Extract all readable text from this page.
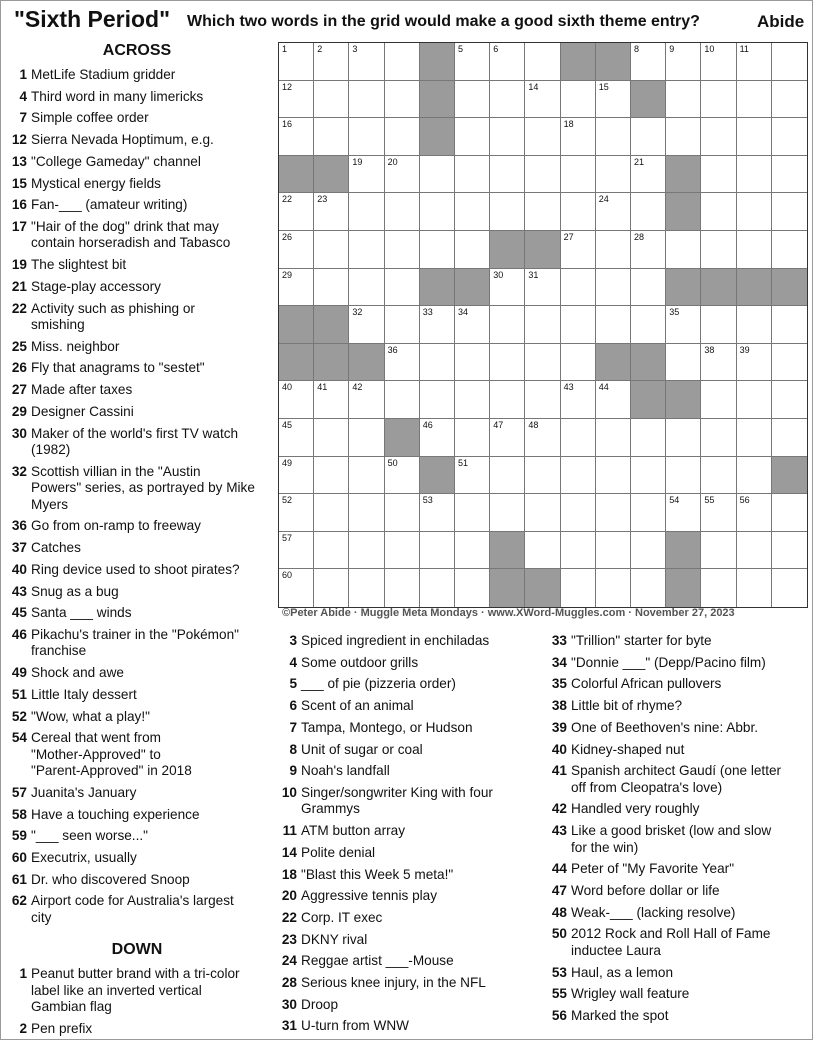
"Sixth Period" Which two words in the grid would make a good sixth theme entry?	Abide
ACROSS
DOWN
1 MetLife Stadium gridder
4 Third word in many limericks
7 Simple coffee order
12 Sierra Nevada Hoptimum, e.g.
13 "College Gameday" channel
15 Mystical energy fields
16 Fan-___ (amateur writing)
17 "Hair of the dog" drink that may
contain horseradish and Tabasco
19 The slightest bit
21 Stage-play accessory
22 Activity such as phishing or
smishing
25 Miss. neighbor
26 Fly that anagrams to "sestet"
27 Made after taxes
29 Designer Cassini
30 Maker of the world's first TV watch
(1982)
32 Scottish villian in the "Austin
Powers" series, as portrayed by Mike
Myers
36 Go from on-ramp to freeway
37 Catches
40 Ring device used to shoot pirates?
43 Snug as a bug
45 Santa ___ winds
46 Pikachu's trainer in the "Pokémon"
franchise
49 Shock and awe
51 Little Italy dessert
52 "Wow, what a play!"
54 Cereal that went from
"Mother-Approved" to
"Parent-Approved" in 2018
57 Juanita's January
58 Have a touching experience
59 "___ seen worse..."
60 Executrix, usually
61 Dr. who discovered Snoop
62 Airport code for Australia's largest
city
1 Peanut butter brand with a tri-color
label like an inverted vertical
Gambian flag
2 Pen prefix
3 Spiced ingredient in enchiladas
4 Some outdoor grills
5 ___ of pie (pizzeria order)
6 Scent of an animal
7 Tampa, Montego, or Hudson
8 Unit of sugar or coal
9 Noah's landfall
10 Singer/songwriter King with four
Grammys
11 ATM button array
14 Polite denial
18 "Blast this Week 5 meta!"
20 Aggressive tennis play
22 Corp. IT exec
23 DKNY rival
24 Reggae artist ___-Mouse
28 Serious knee injury, in the NFL
30 Droop
31 U-turn from WNW
33 "Trillion" starter for byte
34 "Donnie ___" (Depp/Pacino film)
35 Colorful African pullovers
38 Little bit of rhyme?
39 One of Beethoven's nine: Abbr.
40 Kidney-shaped nut
41 Spanish architect Gaudí (one letter
off from Cleopatra's love)
42 Handled very roughly
43 Like a good brisket (low and slow
for the win)
44 Peter of "My Favorite Year"
47 Word before dollar or life
48 Weak-___ (lacking resolve)
50 2012 Rock and Roll Hall of Fame
inductee Laura
53 Haul, as a lemon
55 Wrigley wall feature
56 Marked the spot
1	2	3	5	6	8	9	10	11
12	14	15
16	18
19	20	21
22	23	24
26	27	28
29	30	31
32	33	34	35
36	38	39
40	41	42	43	44
45	46	47	48
49	50	51
52	53	54	55	56
57
60
©Peter Abide · Muggle Meta Mondays · www.XWord-Muggles.com · November 27, 2023
